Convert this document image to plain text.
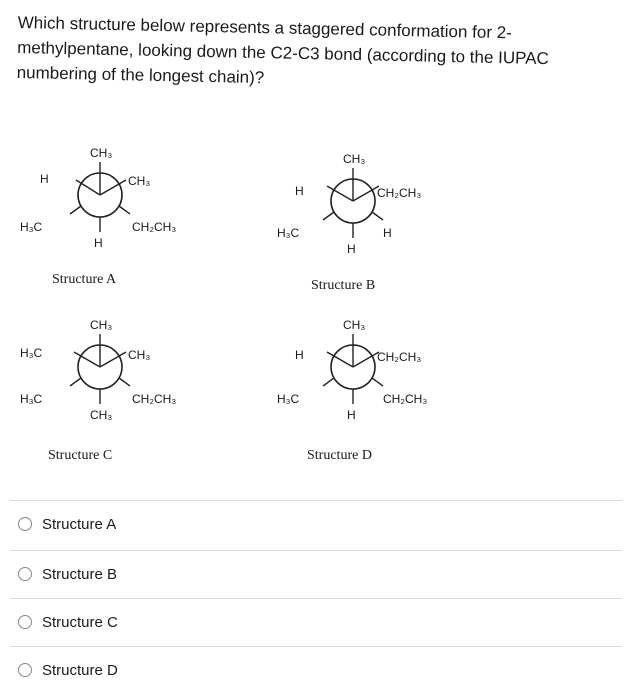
Which structure below represents a staggered conformation for 2-
methylpentane, looking down the C2-C3 bond (according to the IUPAC
numbering of the longest chain)?
CH₃
H	CH₃
H₃C	CH₂CH₃
H
Structure A
CH₃
H	CH₂CH₃
H₃C	H
H
Structure B
CH₃
H₃C	CH₃
H₃C	CH₂CH₃
CH₃
Structure C
CH₃
H	CH₂CH₃
H₃C	CH₂CH₃
H
Structure D
Structure A
Structure B
Structure C
Structure D
